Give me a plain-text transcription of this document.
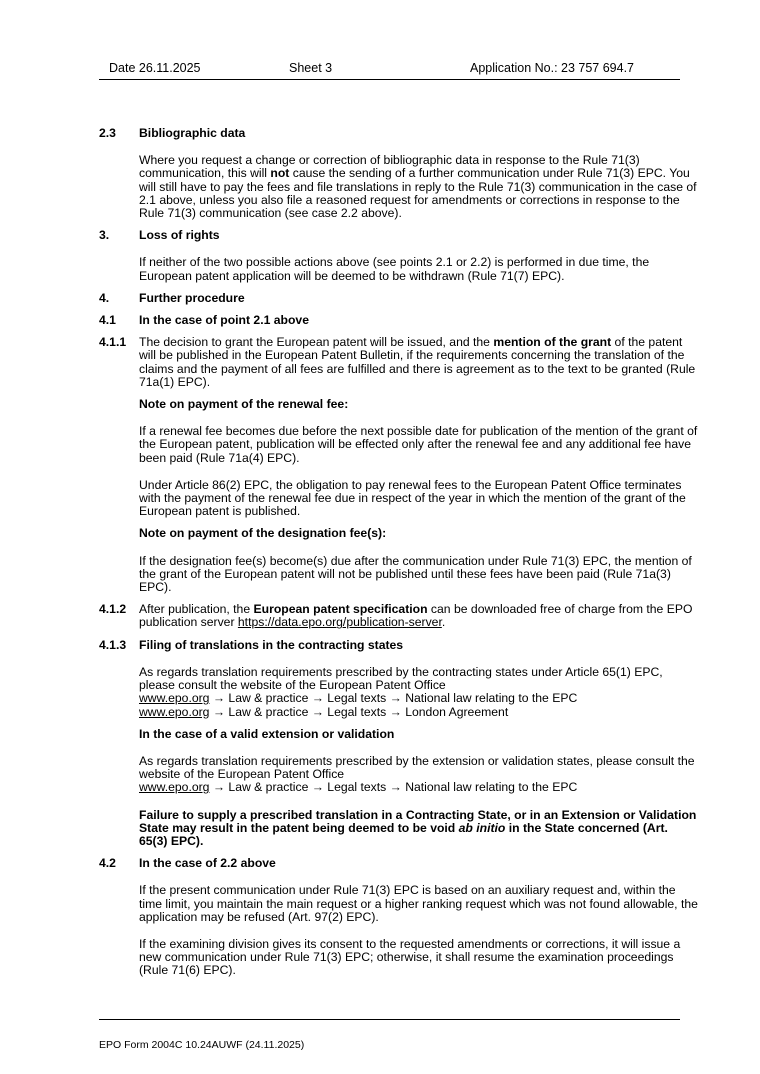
Date 26.11.2025	Sheet 3	Application No.: 23 757 694.7
2.3 Bibliographic data

Where you request a change or correction of bibliographic data in response to the Rule 71(3) communication, this will not cause the sending of a further communication under Rule 71(3) EPC. You will still have to pay the fees and file translations in reply to the Rule 71(3) communication in the case of 2.1 above, unless you also file a reasoned request for amendments or corrections in response to the Rule 71(3) communication (see case 2.2 above).

3. Loss of rights

If neither of the two possible actions above (see points 2.1 or 2.2) is performed in due time, the European patent application will be deemed to be withdrawn (Rule 71(7) EPC).

4. Further procedure
4.1 In the case of point 2.1 above
4.1.1 The decision to grant the European patent will be issued, and the mention of the grant of the patent will be published in the European Patent Bulletin, if the requirements concerning the translation of the claims and the payment of all fees are fulfilled and there is agreement as to the text to be granted (Rule 71a(1) EPC).

Note on payment of the renewal fee:

If a renewal fee becomes due before the next possible date for publication of the mention of the grant of the European patent, publication will be effected only after the renewal fee and any additional fee have been paid (Rule 71a(4) EPC).

Under Article 86(2) EPC, the obligation to pay renewal fees to the European Patent Office terminates with the payment of the renewal fee due in respect of the year in which the mention of the grant of the European patent is published.

Note on payment of the designation fee(s):

If the designation fee(s) become(s) due after the communication under Rule 71(3) EPC, the mention of the grant of the European patent will not be published until these fees have been paid (Rule 71a(3) EPC).

4.1.2 After publication, the European patent specification can be downloaded free of charge from the EPO publication server https://data.epo.org/publication-server.
4.1.3 Filing of translations in the contracting states
As regards translation requirements prescribed by the contracting states under Article 65(1) EPC, please consult the website of the European Patent Office
www.epo.org → Law & practice → Legal texts → National law relating to the EPC
www.epo.org → Law & practice → Legal texts → London Agreement

In the case of a valid extension or validation

As regards translation requirements prescribed by the extension or validation states, please consult the website of the European Patent Office
www.epo.org → Law & practice → Legal texts → National law relating to the EPC

Failure to supply a prescribed translation in a Contracting State, or in an Extension or Validation State may result in the patent being deemed to be void ab initio in the State concerned (Art. 65(3) EPC).

4.2 In the case of 2.2 above

If the present communication under Rule 71(3) EPC is based on an auxiliary request and, within the time limit, you maintain the main request or a higher ranking request which was not found allowable, the application may be refused (Art. 97(2) EPC).

If the examining division gives its consent to the requested amendments or corrections, it will issue a new communication under Rule 71(3) EPC; otherwise, it shall resume the examination proceedings (Rule 71(6) EPC).

EPO Form 2004C 10.24AUWF (24.11.2025)
